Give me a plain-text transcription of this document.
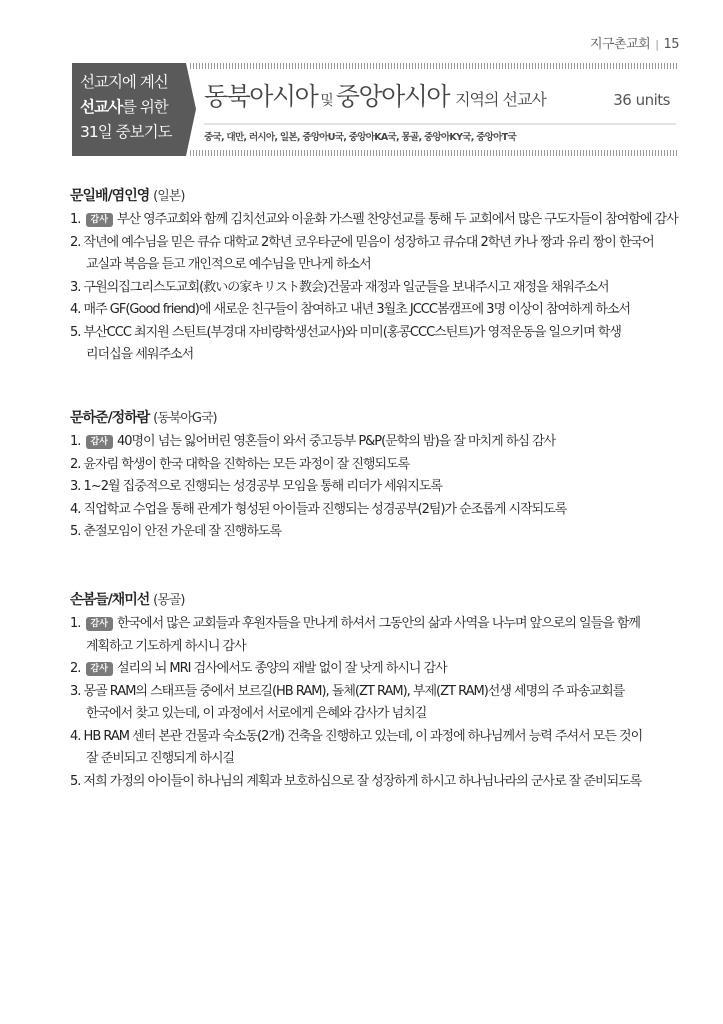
지구촌교회 | 15
선교지에 계신
선교사를 위한
31일 중보기도
동북아시아 및 중앙아시아 지역의 선교사	36 units
중국, 대만, 러시아, 일본, 중앙아U국, 중앙아KA국, 몽골, 중앙아KY국, 중앙아T국
문일배/염인영 (일본)
1. 감사 부산 영주교회와 함께 김치선교와 이윤화 가스펠 찬양선교를 통해 두 교회에서 많은 구도자들이 참여함에 감사
2. 작년에 예수님을 믿은 큐슈 대학교 2학년 코우타군에 믿음이 성장하고 큐슈대 2학년 카나 짱과 유리 짱이 한국어
교실과 복음을 듣고 개인적으로 예수님을 만나게 하소서
3. 구원의집그리스도교회(救いの家キリスト教会)건물과 재정과 일군들을 보내주시고 재정을 채워주소서
4. 매주 GF(Good friend)에 새로운 친구들이 참여하고 내년 3월초 JCCC봄캠프에 3명 이상이 참여하게 하소서
5. 부산CCC 최지원 스틴트(부경대 자비량학생선교사)와 미미(홍콩CCC스틴트)가 영적운동을 일으키며 학생
리더십을 세워주소서
문하준/정하람 (동북아G국)
1. 감사 40명이 넘는 잃어버린 영혼들이 와서 중고등부 P&P(문학의 밤)을 잘 마치게 하심 감사
2. 윤자림 학생이 한국 대학을 진학하는 모든 과정이 잘 진행되도록
3. 1~2월 집중적으로 진행되는 성경공부 모임을 통해 리더가 세워지도록
4. 직업학교 수업을 통해 관계가 형성된 아이들과 진행되는 성경공부(2팀)가 순조롭게 시작되도록
5. 춘절모임이 안전 가운데 잘 진행하도록
손봄들/채미선 (몽골)
1. 감사 한국에서 많은 교회들과 후원자들을 만나게 하셔서 그동안의 삶과 사역을 나누며 앞으로의 일들을 함께
계획하고 기도하게 하시니 감사
2. 감사 설리의 뇌 MRI 검사에서도 종양의 재발 없이 잘 낫게 하시니 감사
3. 몽골 RAM의 스태프들 중에서 보르길(HB RAM), 돌체(ZT RAM), 부제(ZT RAM)선생 세명의 주 파송교회를
한국에서 찾고 있는데, 이 과정에서 서로에게 은혜와 감사가 넘치길
4. HB RAM 센터 본관 건물과 숙소동(2개) 건축을 진행하고 있는데, 이 과정에 하나님께서 능력 주셔서 모든 것이
잘 준비되고 진행되게 하시길
5. 저희 가정의 아이들이 하나님의 계획과 보호하심으로 잘 성장하게 하시고 하나님나라의 군사로 잘 준비되도록
